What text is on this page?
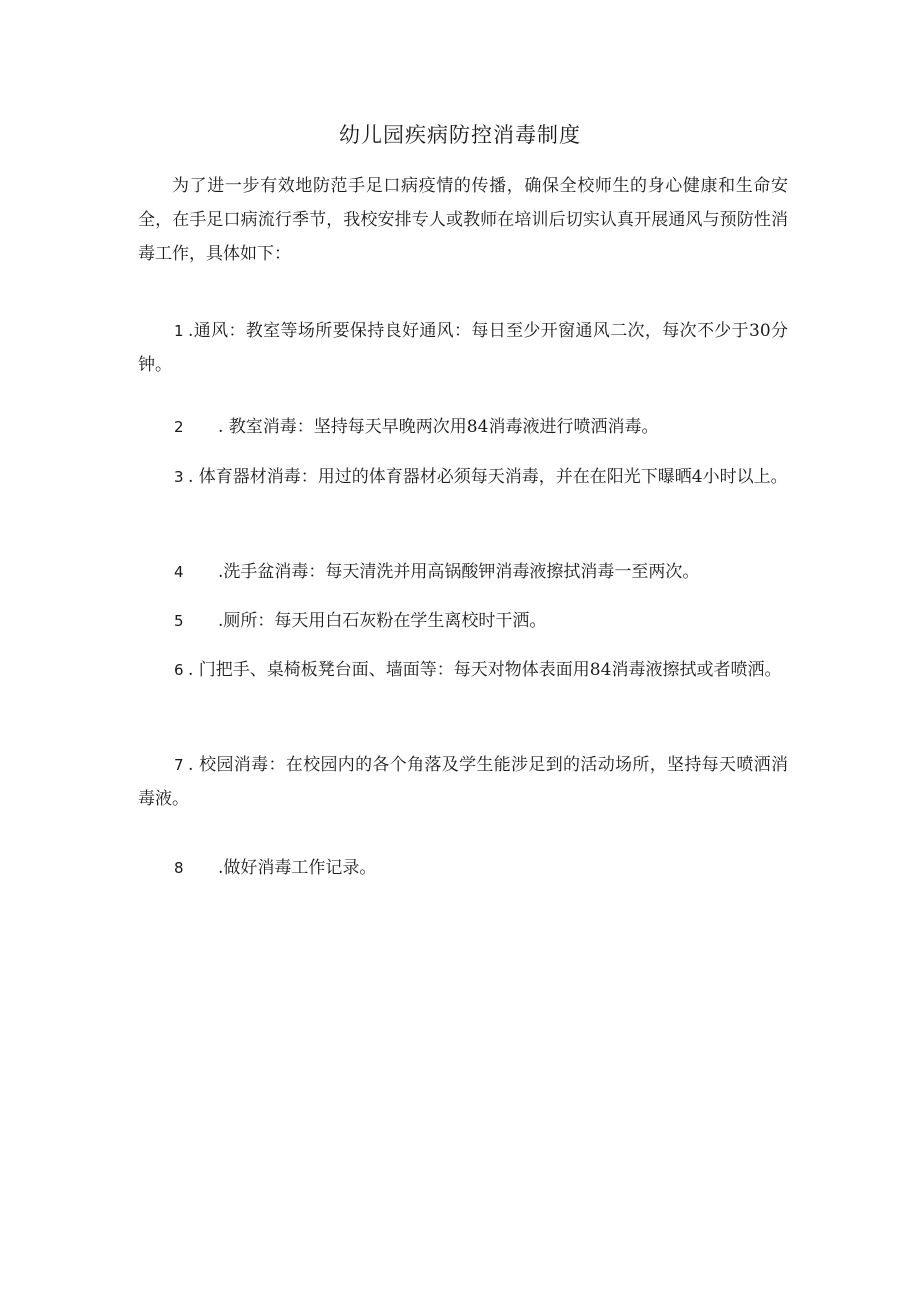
幼儿园疾病防控消毒制度

为了进一步有效地防范手足口病疫情的传播，确保全校师生的身心健康和生命安全，在手足口病流行季节，我校安排专人或教师在培训后切实认真开展通风与预防性消毒工作，具体如下：

1 .通风：教室等场所要保持良好通风：每日至少开窗通风二次，每次不少于30分钟。

2 . 教室消毒：坚持每天早晚两次用84消毒液进行喷洒消毒。

3 . 体育器材消毒：用过的体育器材必须每天消毒，并在在阳光下曝晒4小时以上。

4 .洗手盆消毒：每天清洗并用高锅酸钾消毒液擦拭消毒一至两次。

5 .厕所：每天用白石灰粉在学生离校时干洒。

6 . 门把手、桌椅板凳台面、墙面等：每天对物体表面用84消毒液擦拭或者喷洒。

7 . 校园消毒：在校园内的各个角落及学生能涉足到的活动场所，坚持每天喷洒消毒液。

8 .做好消毒工作记录。
